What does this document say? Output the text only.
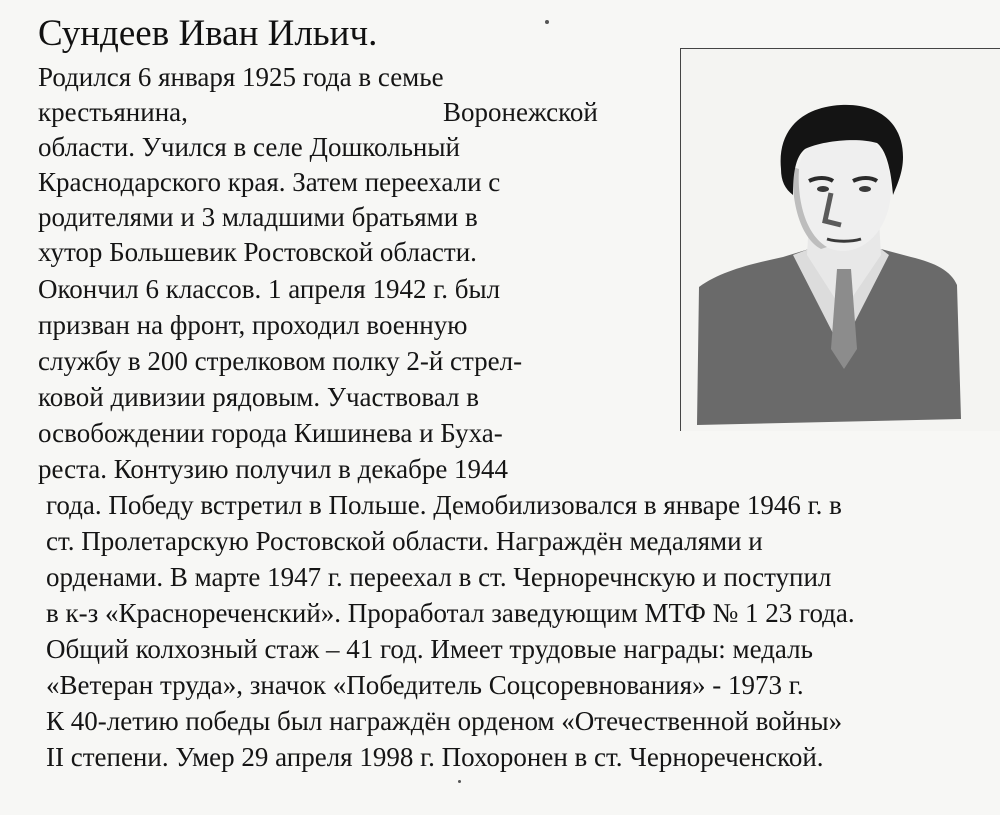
Сундеев Иван Ильич.
Родился 6 января 1925 года в семье
крестьянина,	Воронежской
области. Учился в селе Дошкольный
Краснодарского края. Затем переехали с
родителями и 3 младшими братьями в
хутор Большевик Ростовской области.
Окончил 6 классов. 1 апреля 1942 г. был
призван на фронт, проходил военную
службу в 200 стрелковом полку 2-й стрел-
ковой дивизии рядовым. Участвовал в
освобождении города Кишинева и Буха-
реста. Контузию получил в декабре 1944
года. Победу встретил в Польше. Демобилизовался в январе 1946 г. в
ст. Пролетарскую Ростовской области. Награждён медалями и
орденами. В марте 1947 г. переехал в ст. Черноречнскую и поступил
в к-з «Краснореченский». Проработал заведующим МТФ № 1 23 года.
Общий колхозный стаж – 41 год. Имеет трудовые награды: медаль
«Ветеран труда», значок «Победитель Соцсоревнования» - 1973 г.
К 40-летию победы был награждён орденом «Отечественной войны»
II степени. Умер 29 апреля 1998 г. Похоронен в ст. Чернореченской.
